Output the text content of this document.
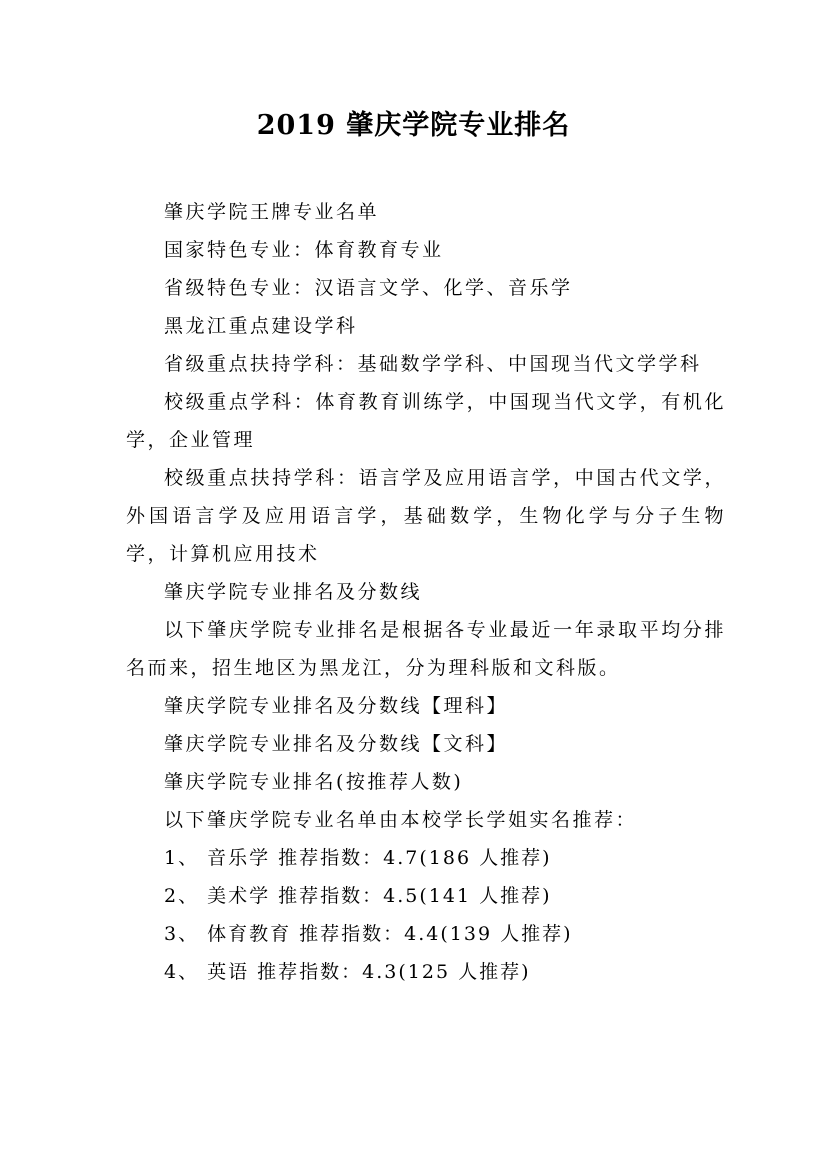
2019 肇庆学院专业排名

肇庆学院王牌专业名单

国家特色专业：体育教育专业

省级特色专业：汉语言文学、化学、音乐学

黑龙江重点建设学科

省级重点扶持学科：基础数学学科、中国现当代文学学科

校级重点学科：体育教育训练学，中国现当代文学，有机化学，企业管理

校级重点扶持学科：语言学及应用语言学，中国古代文学，外国语言学及应用语言学，基础数学，生物化学与分子生物学，计算机应用技术

肇庆学院专业排名及分数线

以下肇庆学院专业排名是根据各专业最近一年录取平均分排名而来，招生地区为黑龙江，分为理科版和文科版。

肇庆学院专业排名及分数线【理科】

肇庆学院专业排名及分数线【文科】

肇庆学院专业排名(按推荐人数)

以下肇庆学院专业名单由本校学长学姐实名推荐：

1、 音乐学 推荐指数：4.7(186 人推荐)

2、 美术学 推荐指数：4.5(141 人推荐)

3、 体育教育 推荐指数：4.4(139 人推荐)

4、 英语 推荐指数：4.3(125 人推荐)
